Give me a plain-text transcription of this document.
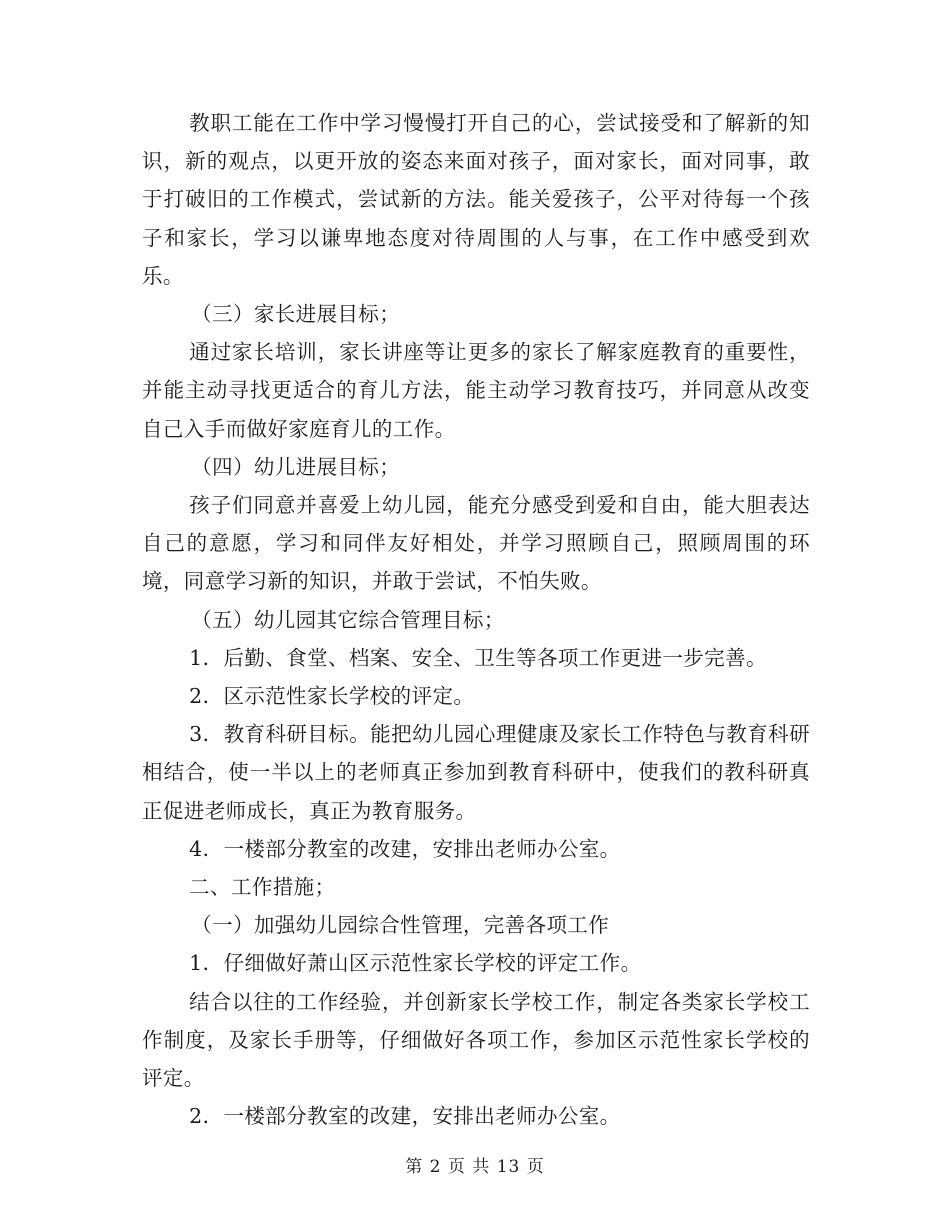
教职工能在工作中学习慢慢打开自己的心，尝试接受和了解新的知识，新的观点，以更开放的姿态来面对孩子，面对家长，面对同事，敢于打破旧的工作模式，尝试新的方法。能关爱孩子，公平对待每一个孩子和家长，学习以谦卑地态度对待周围的人与事，在工作中感受到欢乐。

（三）家长进展目标；

通过家长培训，家长讲座等让更多的家长了解家庭教育的重要性，并能主动寻找更适合的育儿方法，能主动学习教育技巧，并同意从改变自己入手而做好家庭育儿的工作。

（四）幼儿进展目标；

孩子们同意并喜爱上幼儿园，能充分感受到爱和自由，能大胆表达自己的意愿，学习和同伴友好相处，并学习照顾自己，照顾周围的环境，同意学习新的知识，并敢于尝试，不怕失败。

（五）幼儿园其它综合管理目标；

1．后勤、食堂、档案、安全、卫生等各项工作更进一步完善。

2．区示范性家长学校的评定。

3．教育科研目标。能把幼儿园心理健康及家长工作特色与教育科研相结合，使一半以上的老师真正参加到教育科研中，使我们的教科研真正促进老师成长，真正为教育服务。

4．一楼部分教室的改建，安排出老师办公室。

二、工作措施；

（一）加强幼儿园综合性管理，完善各项工作

1．仔细做好萧山区示范性家长学校的评定工作。

结合以往的工作经验，并创新家长学校工作，制定各类家长学校工作制度，及家长手册等，仔细做好各项工作，参加区示范性家长学校的评定。

2．一楼部分教室的改建，安排出老师办公室。

第 2 页 共 13 页
